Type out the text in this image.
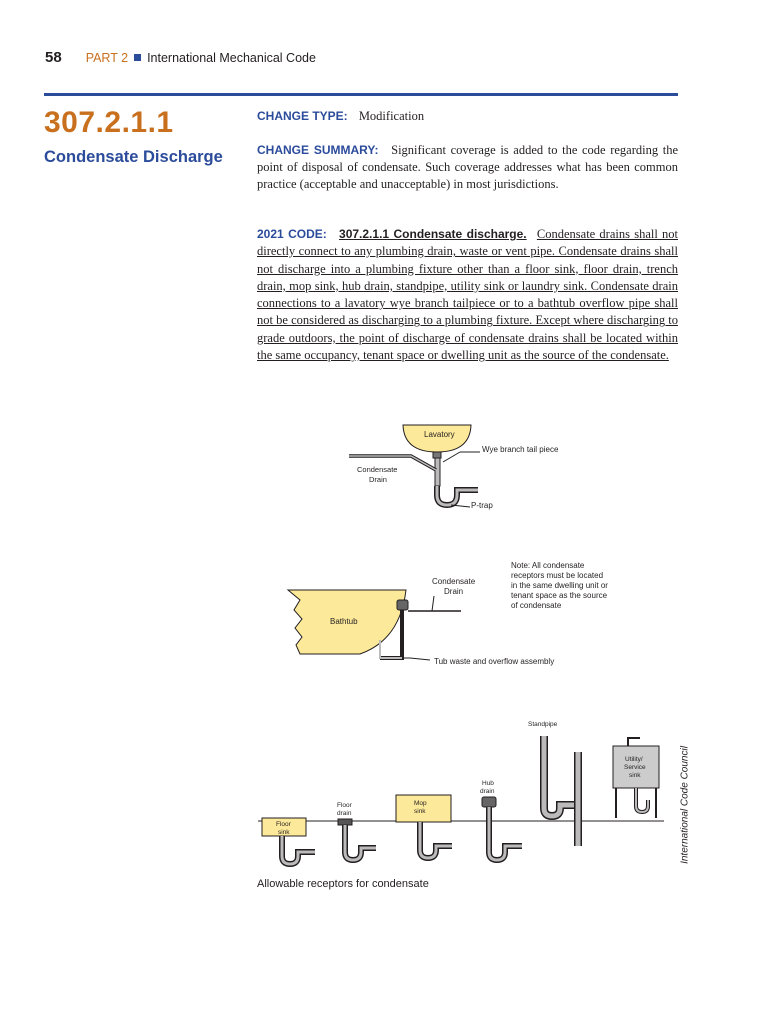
58 PART 2 International Mechanical Code
307.2.1.1
Condensate Discharge
CHANGE TYPE: Modification
CHANGE SUMMARY: Significant coverage is added to the code regarding the point of disposal of condensate. Such coverage addresses what has been common practice (acceptable and unacceptable) in most jurisdictions.
2021 CODE: 307.2.1.1 Condensate discharge. Condensate drains shall not directly connect to any plumbing drain, waste or vent pipe. Condensate drains shall not discharge into a plumbing fixture other than a floor sink, floor drain, trench drain, mop sink, hub drain, standpipe, utility sink or laundry sink. Condensate drain connections to a lavatory wye branch tailpiece or to a bathtub overflow pipe shall not be considered as discharging to a plumbing fixture. Except where discharging to grade outdoors, the point of discharge of condensate drains shall be located within the same occupancy, tenant space or dwelling unit as the source of the condensate.
Lavatory
Wye branch tail piece
Condensate
Drain
P-trap
Bathtub
Condensate
Drain
Tub waste and overflow assembly
Note: All condensate
receptors must be located
in the same dwelling unit or
tenant space as the source
of condensate
Floor
sink
Floor
drain
Mop
sink
Hub
drain
Standpipe
Utility/
Service
sink
Allowable receptors for condensate
International Code Council
